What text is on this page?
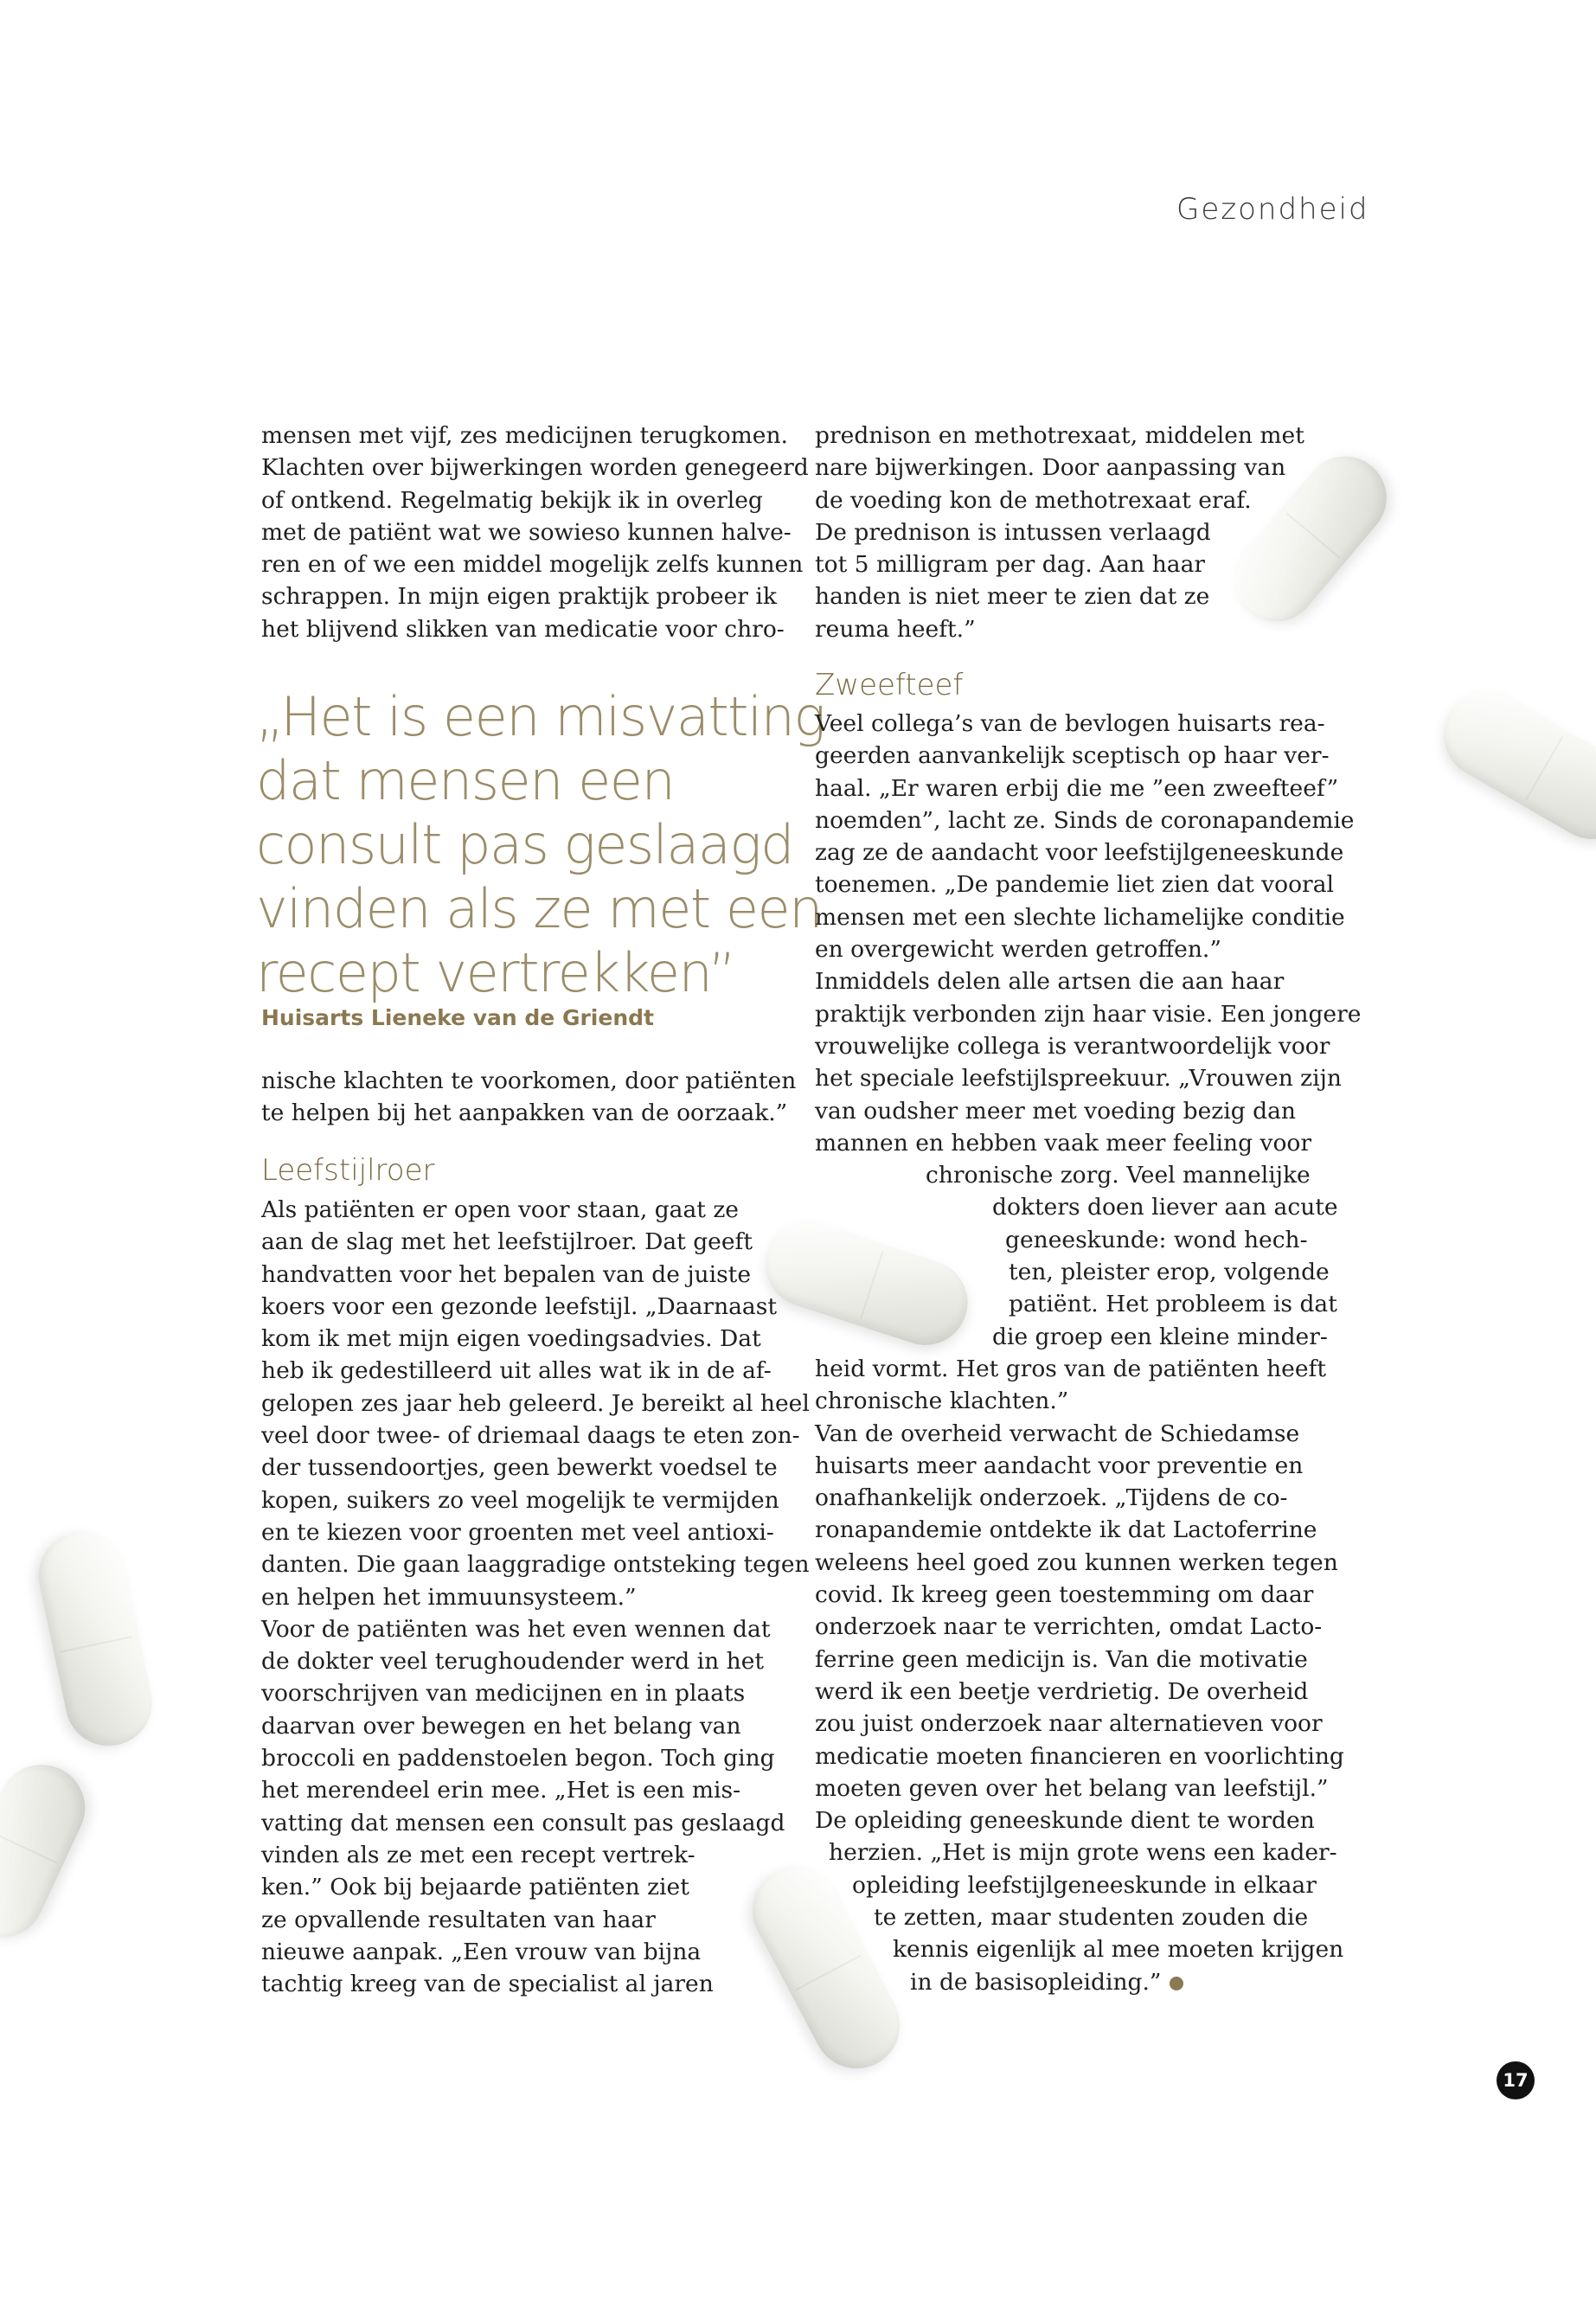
Gezondheid
mensen met vijf, zes medicijnen terugkomen.
Klachten over bijwerkingen worden genegeerd
of ontkend. Regelmatig bekijk ik in overleg
met de patiënt wat we sowieso kunnen halve-
ren en of we een middel mogelijk zelfs kunnen
schrappen. In mijn eigen praktijk probeer ik
het blijvend slikken van medicatie voor chro-
„Het is een misvatting
dat mensen een
consult pas geslaagd
vinden als ze met een
recept vertrekken”
Huisarts Lieneke van de Griendt
nische klachten te voorkomen, door patiënten
te helpen bij het aanpakken van de oorzaak.”
Leefstijlroer
Als patiënten er open voor staan, gaat ze
aan de slag met het leefstijlroer. Dat geeft
handvatten voor het bepalen van de juiste
koers voor een gezonde leefstijl. „Daarnaast
kom ik met mijn eigen voedingsadvies. Dat
heb ik gedestilleerd uit alles wat ik in de af-
gelopen zes jaar heb geleerd. Je bereikt al heel
veel door twee- of driemaal daags te eten zon-
der tussendoortjes, geen bewerkt voedsel te
kopen, suikers zo veel mogelijk te vermijden
en te kiezen voor groenten met veel antioxi-
danten. Die gaan laaggradige ontsteking tegen
en helpen het immuunsysteem.”
Voor de patiënten was het even wennen dat
de dokter veel terughoudender werd in het
voorschrijven van medicijnen en in plaats
daarvan over bewegen en het belang van
broccoli en paddenstoelen begon. Toch ging
het merendeel erin mee. „Het is een mis-
vatting dat mensen een consult pas geslaagd
vinden als ze met een recept vertrek-
ken.” Ook bij bejaarde patiënten ziet
ze opvallende resultaten van haar
nieuwe aanpak. „Een vrouw van bijna
tachtig kreeg van de specialist al jaren
prednison en methotrexaat, middelen met
nare bijwerkingen. Door aanpassing van
de voeding kon de methotrexaat eraf.
De prednison is intussen verlaagd
tot 5 milligram per dag. Aan haar
handen is niet meer te zien dat ze
reuma heeft.”
Zweefteef
Veel collega’s van de bevlogen huisarts rea-
geerden aanvankelijk sceptisch op haar ver-
haal. „Er waren erbij die me ”een zweefteef”
noemden”, lacht ze. Sinds de coronapandemie
zag ze de aandacht voor leefstijlgeneeskunde
toenemen. „De pandemie liet zien dat vooral
mensen met een slechte lichamelijke conditie
en overgewicht werden getroffen.”
Inmiddels delen alle artsen die aan haar
praktijk verbonden zijn haar visie. Een jongere
vrouwelijke collega is verantwoordelijk voor
het speciale leefstijlspreekuur. „Vrouwen zijn
van oudsher meer met voeding bezig dan
mannen en hebben vaak meer feeling voor
chronische zorg. Veel mannelijke
dokters doen liever aan acute
geneeskunde: wond hech-
ten, pleister erop, volgende
patiënt. Het probleem is dat
die groep een kleine minder-
heid vormt. Het gros van de patiënten heeft
chronische klachten.”
Van de overheid verwacht de Schiedamse
huisarts meer aandacht voor preventie en
onafhankelijk onderzoek. „Tijdens de co-
ronapandemie ontdekte ik dat Lactoferrine
weleens heel goed zou kunnen werken tegen
covid. Ik kreeg geen toestemming om daar
onderzoek naar te verrichten, omdat Lacto-
ferrine geen medicijn is. Van die motivatie
werd ik een beetje verdrietig. De overheid
zou juist onderzoek naar alternatieven voor
medicatie moeten financieren en voorlichting
moeten geven over het belang van leefstijl.”
De opleiding geneeskunde dient te worden
herzien. „Het is mijn grote wens een kader-
opleiding leefstijlgeneeskunde in elkaar
te zetten, maar studenten zouden die
kennis eigenlijk al mee moeten krijgen
in de basisopleiding.”
17
